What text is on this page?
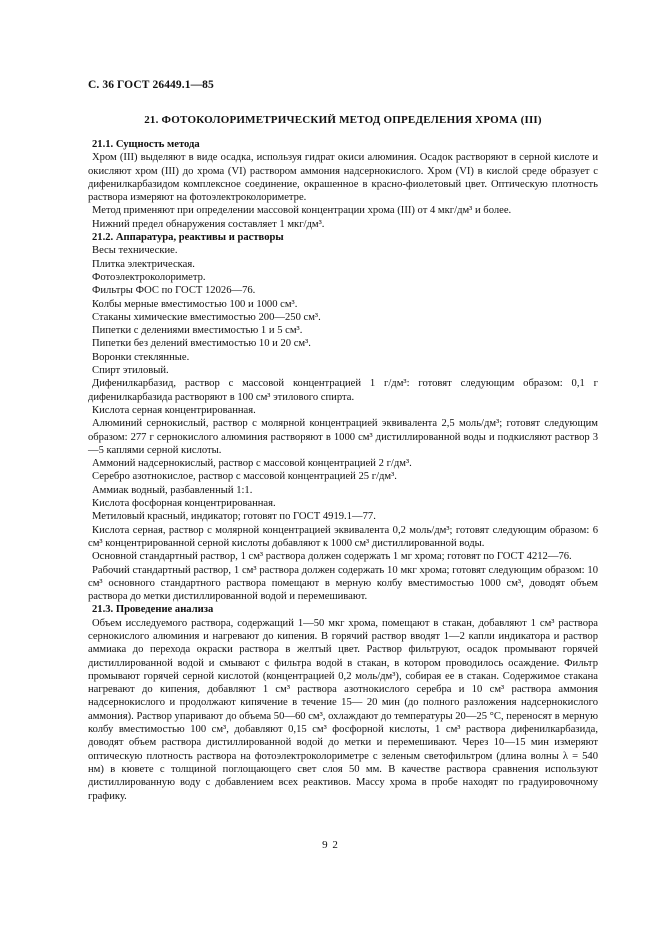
С. 36 ГОСТ 26449.1—85
21. ФОТОКОЛОРИМЕТРИЧЕСКИЙ МЕТОД ОПРЕДЕЛЕНИЯ ХРОМА (III)
21.1. Сущность метода

Хром (III) выделяют в виде осадка, используя гидрат окиси алюминия. Осадок растворяют в серной кислоте и окисляют хром (III) до хрома (VI) раствором аммония надсернокислого. Хром (VI) в кислой среде образует с дифенилкарбазидом комплексное соединение, окрашенное в красно-фиолетовый цвет. Оптическую плотность раствора измеряют на фотоэлектроколориметре.

Метод применяют при определении массовой концентрации хрома (III) от 4 мкг/дм³ и более.

Нижний предел обнаружения составляет 1 мкг/дм³.

21.2. Аппаратура, реактивы и растворы

Весы технические.

Плитка электрическая.

Фотоэлектроколориметр.

Фильтры ФОС по ГОСТ 12026—76.

Колбы мерные вместимостью 100 и 1000 см³.

Стаканы химические вместимостью 200—250 см³.

Пипетки с делениями вместимостью 1 и 5 см³.

Пипетки без делений вместимостью 10 и 20 см³.

Воронки стеклянные.

Спирт этиловый.

Дифенилкарбазид, раствор с массовой концентрацией 1 г/дм³: готовят следующим образом: 0,1 г дифенилкарбазида растворяют в 100 см³ этилового спирта.

Кислота серная концентрированная.

Алюминий сернокислый, раствор с молярной концентрацией эквивалента 2,5 моль/дм³; готовят следующим образом: 277 г сернокислого алюминия растворяют в 1000 см³ дистиллированной воды и подкисляют раствор 3—5 каплями серной кислоты.

Аммоний надсернокислый, раствор с массовой концентрацией 2 г/дм³.

Серебро азотнокислое, раствор с массовой концентрацией 25 г/дм³.

Аммиак водный, разбавленный 1:1.

Кислота фосфорная концентрированная.

Метиловый красный, индикатор; готовят по ГОСТ 4919.1—77.

Кислота серная, раствор с молярной концентрацией эквивалента 0,2 моль/дм³; готовят следующим образом: 6 см³ концентрированной серной кислоты добавляют к 1000 см³ дистиллированной воды.

Основной стандартный раствор, 1 см³ раствора должен содержать 1 мг хрома; готовят по ГОСТ 4212—76.

Рабочий стандартный раствор, 1 см³ раствора должен содержать 10 мкг хрома; готовят следующим образом: 10 см³ основного стандартного раствора помещают в мерную колбу вместимостью 1000 см³, доводят объем раствора до метки дистиллированной водой и перемешивают.

21.3. Проведение анализа

Объем исследуемого раствора, содержащий 1—50 мкг хрома, помещают в стакан, добавляют 1 см³ раствора сернокислого алюминия и нагревают до кипения. В горячий раствор вводят 1—2 капли индикатора и раствор аммиака до перехода окраски раствора в желтый цвет. Раствор фильтруют, осадок промывают горячей дистиллированной водой и смывают с фильтра водой в стакан, в котором проводилось осаждение. Фильтр промывают горячей серной кислотой (концентрацией 0,2 моль/дм³), собирая ее в стакан. Содержимое стакана нагревают до кипения, добавляют 1 см³ раствора азотнокислого серебра и 10 см³ раствора аммония надсернокислого и продолжают кипячение в течение 15— 20 мин (до полного разложения надсернокислого аммония). Раствор упаривают до объема 50—60 см³, охлаждают до температуры 20—25 °С, переносят в мерную колбу вместимостью 100 см³, добавляют 0,15 см³ фосфорной кислоты, 1 см³ раствора дифенилкарбазида, доводят объем раствора дистиллированной водой до метки и перемешивают. Через 10—15 мин измеряют оптическую плотность раствора на фотоэлектроколориметре с зеленым светофильтром (длина волны λ = 540 нм) в кювете с толщиной поглощающего свет слоя 50 мм. В качестве раствора сравнения используют дистиллированную воду с добавлением всех реактивов. Массу хрома в пробе находят по градуировочному графику.

9 2
